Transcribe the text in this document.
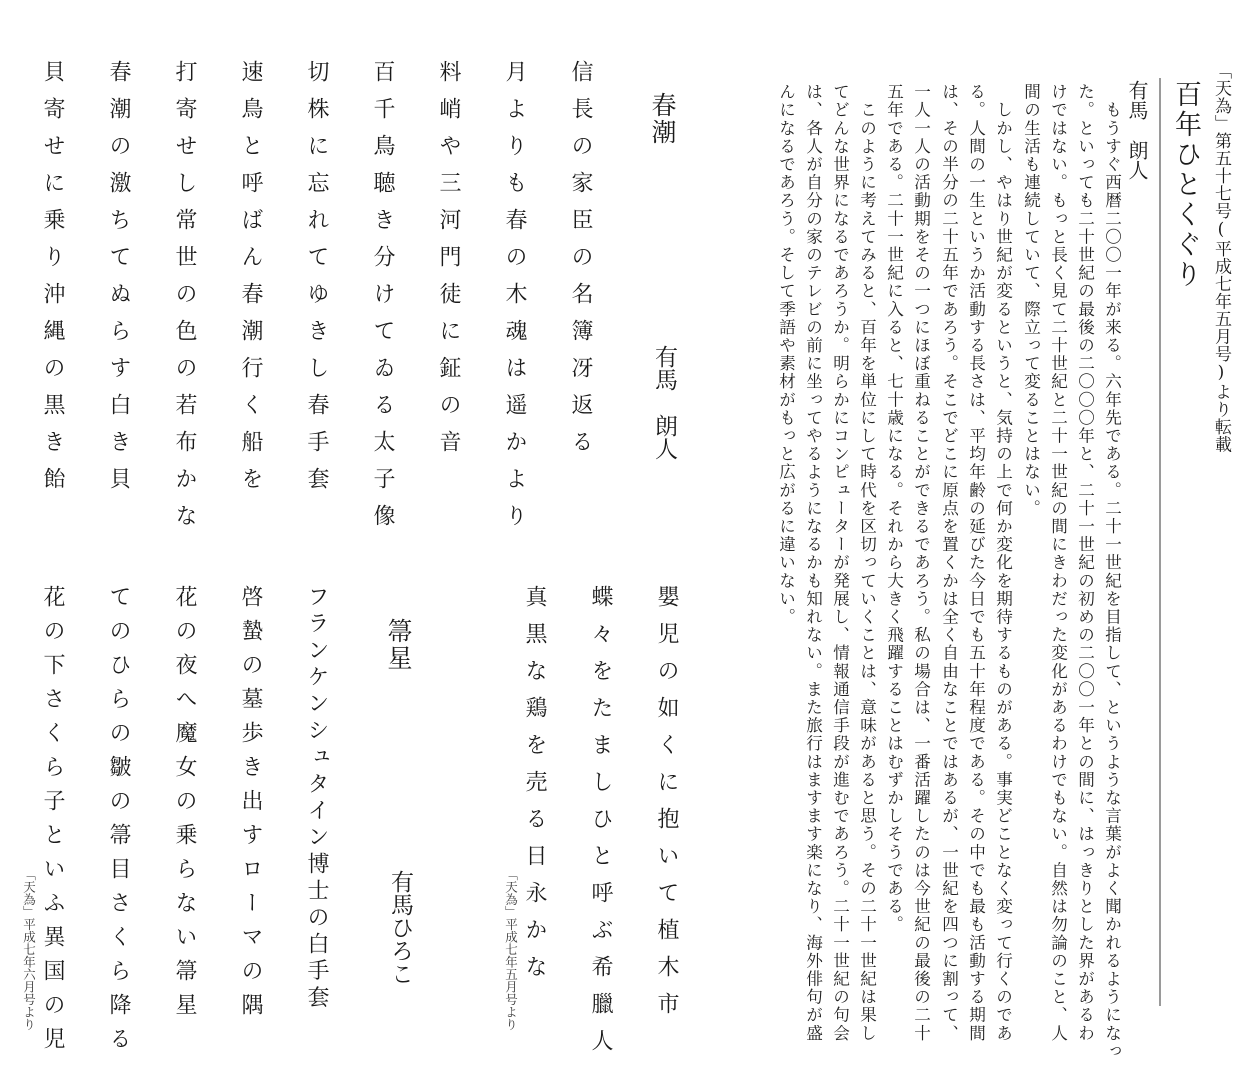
「天為」第五十七号(平成七年五月号)より転載
百年ひとくぐり
有馬　朗人
　もうすぐ西暦二〇〇一年が来る。六年先である。二十一世紀を目指して、というような言葉がよく聞かれるようになっ
た。といっても二十世紀の最後の二〇〇〇年と、二十一世紀の初めの二〇〇一年との間に、はっきりとした界があるわ
けではない。もっと長く見て二十世紀と二十一世紀の間にきわだった変化があるわけでもない。自然は勿論のこと、人
間の生活も連続していて、際立って変ることはない。
　しかし、やはり世紀が変るというと、気持の上で何か変化を期待するものがある。事実どことなく変って行くのであ
る。人間の一生というか活動する長さは、平均年齢の延びた今日でも五十年程度である。その中でも最も活動する期間
は、その半分の二十五年であろう。そこでどこに原点を置くかは全く自由なことではあるが、一世紀を四つに割って、
一人一人の活動期をその一つにほぼ重ねることができるであろう。私の場合は、一番活躍したのは今世紀の最後の二十
五年である。二十一世紀に入ると、七十歳になる。それから大きく飛躍することはむずかしそうである。
　このように考えてみると、百年を単位にして時代を区切っていくことは、意味があると思う。その二十一世紀は果し
てどんな世界になるであろうか。明らかにコンピューターが発展し、情報通信手段が進むであろう。二十一世紀の句会
は、各人が自分の家のテレビの前に坐ってやるようになるかも知れない。また旅行はますます楽になり、海外俳句が盛
んになるであろう。そして季語や素材がもっと広がるに違いない。
春潮
有馬　朗人
信長の家臣の名簿冴返る
月よりも春の木魂は遥かより
料峭や三河門徒に鉦の音
百千鳥聴き分けてゐる太子像
切株に忘れてゆきし春手套
速鳥と呼ばん春潮行く船を
打寄せし常世の色の若布かな
春潮の激ちてぬらす白き貝
貝寄せに乗り沖縄の黒き飴
嬰児の如くに抱いて植木市
蝶々をたましひと呼ぶ希臘人
真黒な鶏を売る日永かな
「天為」平成七年五月号より
箒星
有馬ひろこ
フランケンシュタイン博士の白手套
啓蟄の墓歩き出すローマの隅
花の夜へ魔女の乗らない箒星
てのひらの皺の箒目さくら降る
花の下さくら子といふ異国の児
「天為」平成七年六月号より
